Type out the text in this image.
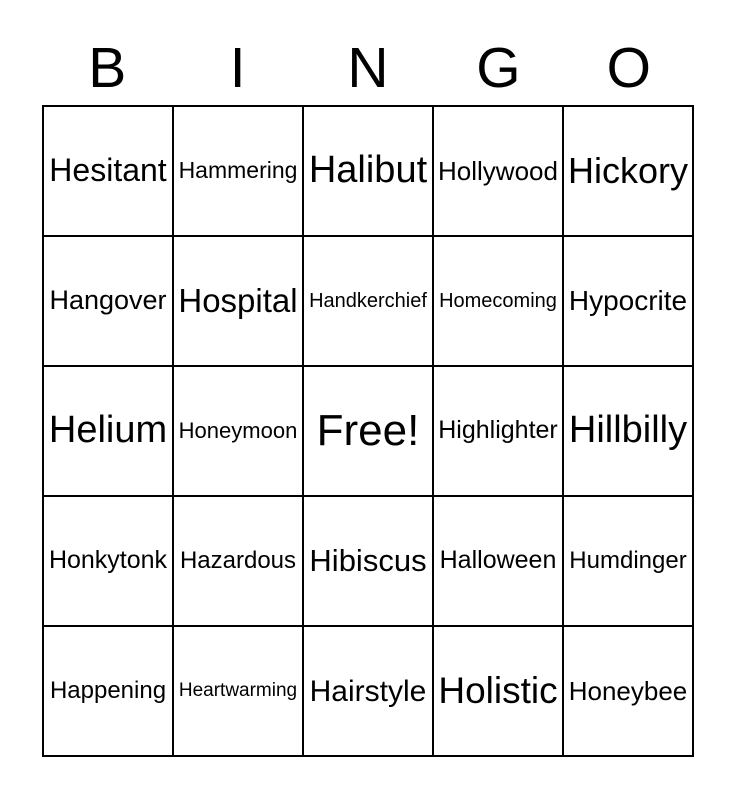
B	I	N	G	O
Hesitant Hammering Halibut Hollywood Hickory
Hangover Hospital Handkerchief Homecoming Hypocrite
Helium Honeymoon Free! Highlighter Hillbilly
Honkytonk Hazardous Hibiscus Halloween Humdinger
Happening Heartwarming Hairstyle Holistic Honeybee
